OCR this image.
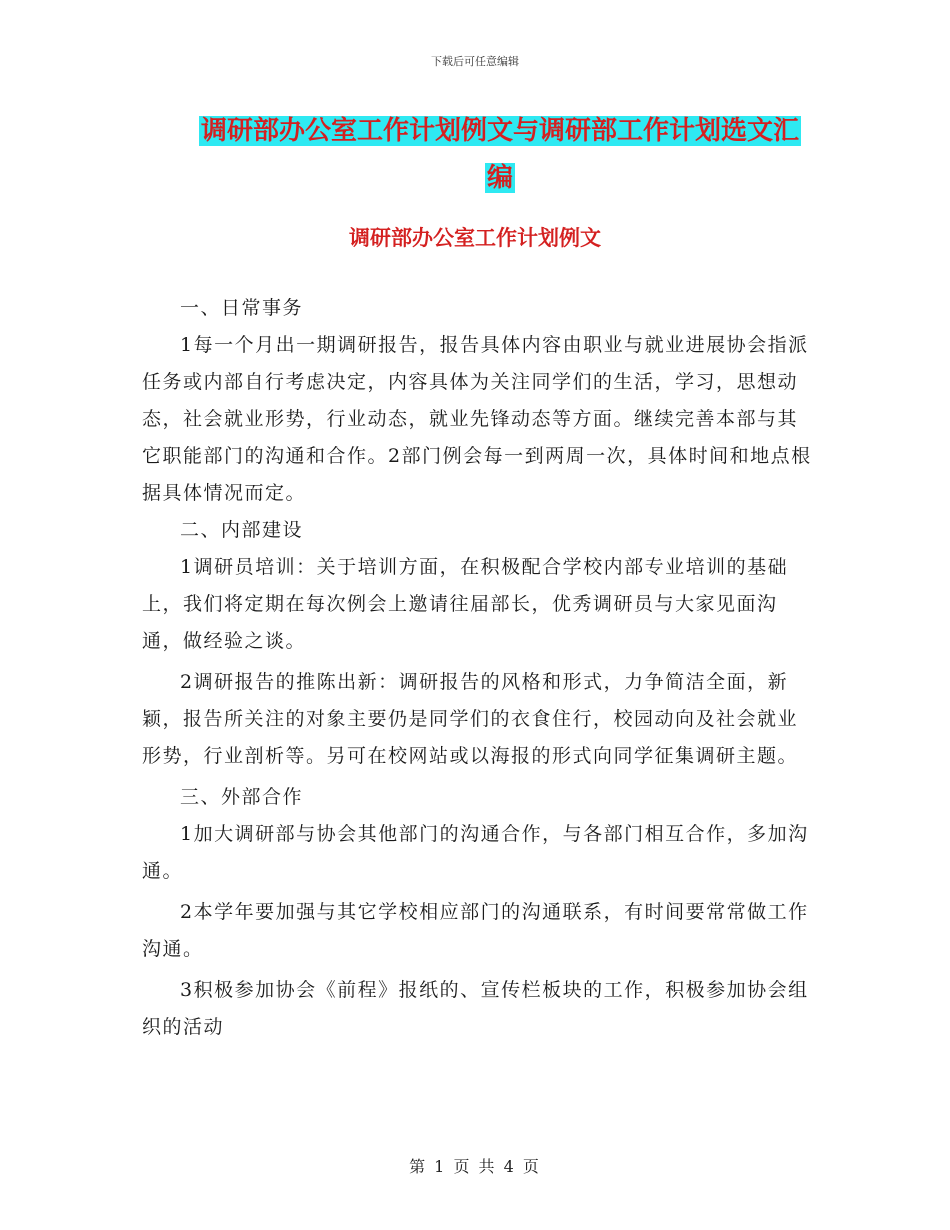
下载后可任意编辑
调研部办公室工作计划例文与调研部工作计划选文汇
编
调研部办公室工作计划例文

一、日常事务

1每一个月出一期调研报告，报告具体内容由职业与就业进展协会指派任务或内部自行考虑决定，内容具体为关注同学们的生活，学习，思想动态，社会就业形势，行业动态，就业先锋动态等方面。继续完善本部与其它职能部门的沟通和合作。2部门例会每一到两周一次，具体时间和地点根据具体情况而定。

二、内部建设

1调研员培训：关于培训方面，在积极配合学校内部专业培训的基础上，我们将定期在每次例会上邀请往届部长，优秀调研员与大家见面沟通，做经验之谈。

2调研报告的推陈出新：调研报告的风格和形式，力争简洁全面，新颖，报告所关注的对象主要仍是同学们的衣食住行，校园动向及社会就业形势，行业剖析等。另可在校网站或以海报的形式向同学征集调研主题。

三、外部合作

1加大调研部与协会其他部门的沟通合作，与各部门相互合作，多加沟通。

2本学年要加强与其它学校相应部门的沟通联系，有时间要常常做工作沟通。

3积极参加协会《前程》报纸的、宣传栏板块的工作，积极参加协会组织的活动

第 1 页 共 4 页
